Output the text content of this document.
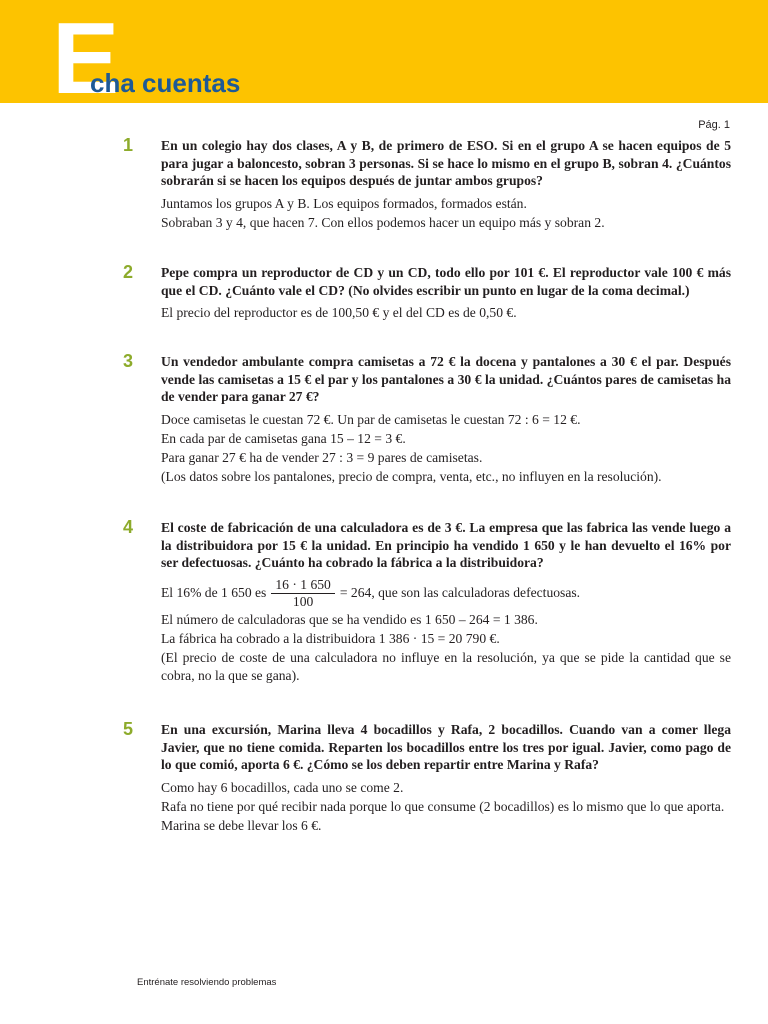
E
cha cuentas
Pág. 1
1 En un colegio hay dos clases, A y B, de primero de ESO. Si en el grupo A se hacen equipos de 5 para jugar a baloncesto, sobran 3 personas. Si se hace lo mismo en el grupo B, sobran 4. ¿Cuántos sobrarán si se hacen los equipos después de juntar ambos grupos?

Juntamos los grupos A y B. Los equipos formados, formados están.

Sobraban 3 y 4, que hacen 7. Con ellos podemos hacer un equipo más y sobran 2.

2 Pepe compra un reproductor de CD y un CD, todo ello por 101 €. El reproductor vale 100 € más que el CD. ¿Cuánto vale el CD? (No olvides escribir un punto en lugar de la coma decimal.)

El precio del reproductor es de 100,50 € y el del CD es de 0,50 €.

3 Un vendedor ambulante compra camisetas a 72 € la docena y pantalones a 30 € el par. Después vende las camisetas a 15 € el par y los pantalones a 30 € la unidad. ¿Cuántos pares de camisetas ha de vender para ganar 27 €?

Doce camisetas le cuestan 72 €. Un par de camisetas le cuestan 72 : 6 = 12 €.

En cada par de camisetas gana 15 – 12 = 3 €.

Para ganar 27 € ha de vender 27 : 3 = 9 pares de camisetas.

(Los datos sobre los pantalones, precio de compra, venta, etc., no influyen en la resolución).

4 El coste de fabricación de una calculadora es de 3 €. La empresa que las fabrica las vende luego a la distribuidora por 15 € la unidad. En principio ha vendido 1 650 y le han devuelto el 16% por ser defectuosas. ¿Cuánto ha cobrado la fábrica a la distribuidora?

El 16% de 1 650 es $\frac{16 \cdot 1 650}{100} = 264$, que son las calculadoras defectuosas.

El número de calculadoras que se ha vendido es 1 650 – 264 = 1 386.

La fábrica ha cobrado a la distribuidora 1 386 · 15 = 20 790 €.

(El precio de coste de una calculadora no influye en la resolución, ya que se pide la cantidad que se cobra, no la que se gana).

5 En una excursión, Marina lleva 4 bocadillos y Rafa, 2 bocadillos. Cuando van a comer llega Javier, que no tiene comida. Reparten los bocadillos entre los tres por igual. Javier, como pago de lo que comió, aporta 6 €. ¿Cómo se los deben repartir entre Marina y Rafa?

Como hay 6 bocadillos, cada uno se come 2.

Rafa no tiene por qué recibir nada porque lo que consume (2 bocadillos) es lo mismo que lo que aporta.

Marina se debe llevar los 6 €.

Entrénate resolviendo problemas
